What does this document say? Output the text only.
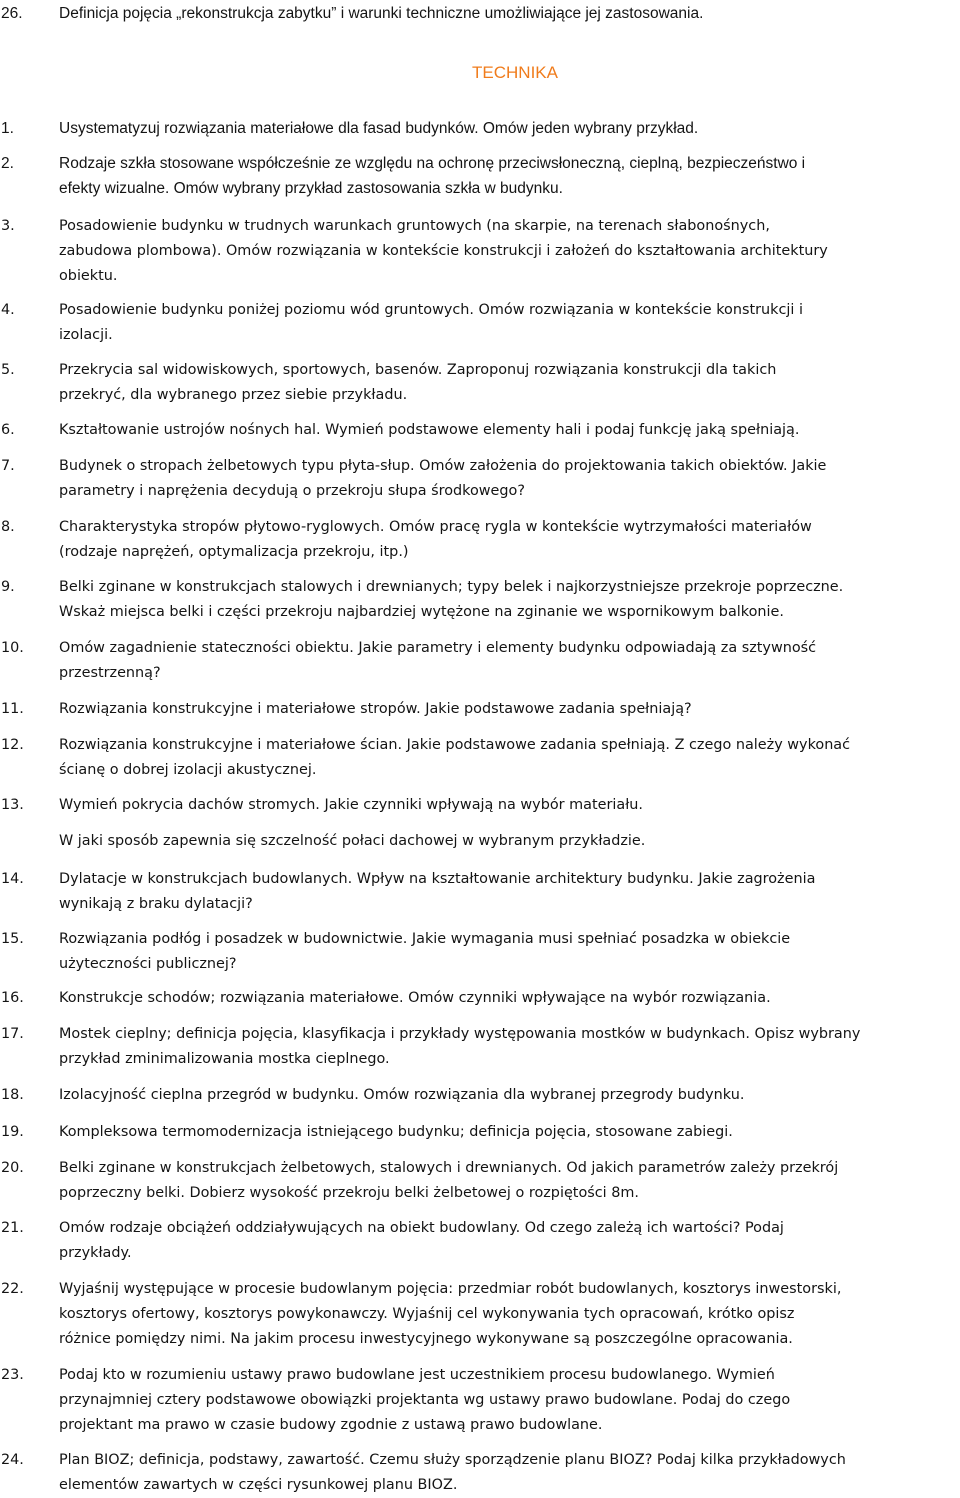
26. Definicja pojęcia „rekonstrukcja zabytku” i warunki techniczne umożliwiające jej zastosowania.
TECHNIKA
1.	Usystematyzuj rozwiązania materiałowe dla fasad budynków. Omów jeden wybrany przykład.
2.	Rodzaje szkła stosowane współcześnie ze względu na ochronę przeciwsłoneczną, cieplną, bezpieczeństwo i
efekty wizualne. Omów wybrany przykład zastosowania szkła w budynku.
3.	Posadowienie budynku w trudnych warunkach gruntowych (na skarpie, na terenach słabonośnych,
zabudowa plombowa). Omów rozwiązania w kontekście konstrukcji i założeń do kształtowania architektury
obiektu.
4.	Posadowienie budynku poniżej poziomu wód gruntowych. Omów rozwiązania w kontekście konstrukcji i
izolacji.
5.	Przekrycia sal widowiskowych, sportowych, basenów. Zaproponuj rozwiązania konstrukcji dla takich
przekryć, dla wybranego przez siebie przykładu.
6.	Kształtowanie ustrojów nośnych hal. Wymień podstawowe elementy hali i podaj funkcję jaką spełniają.
7.	Budynek o stropach żelbetowych typu płyta-słup. Omów założenia do projektowania takich obiektów. Jakie
parametry i naprężenia decydują o przekroju słupa środkowego?
8.	Charakterystyka stropów płytowo-ryglowych. Omów pracę rygla w kontekście wytrzymałości materiałów
(rodzaje naprężeń, optymalizacja przekroju, itp.)
9.	Belki zginane w konstrukcjach stalowych i drewnianych; typy belek i najkorzystniejsze przekroje poprzeczne.
Wskaż miejsca belki i części przekroju najbardziej wytężone na zginanie we wspornikowym balkonie.
10. Omów zagadnienie stateczności obiektu. Jakie parametry i elementy budynku odpowiadają za sztywność
przestrzenną?
11. Rozwiązania konstrukcyjne i materiałowe stropów. Jakie podstawowe zadania spełniają?
12. Rozwiązania konstrukcyjne i materiałowe ścian. Jakie podstawowe zadania spełniają. Z czego należy wykonać
ścianę o dobrej izolacji akustycznej.
13. Wymień pokrycia dachów stromych. Jakie czynniki wpływają na wybór materiału.
W jaki sposób zapewnia się szczelność połaci dachowej w wybranym przykładzie.
14. Dylatacje w konstrukcjach budowlanych. Wpływ na kształtowanie architektury budynku. Jakie zagrożenia
wynikają z braku dylatacji?
15. Rozwiązania podłóg i posadzek w budownictwie. Jakie wymagania musi spełniać posadzka w obiekcie
użyteczności publicznej?
16. Konstrukcje schodów; rozwiązania materiałowe. Omów czynniki wpływające na wybór rozwiązania.
17. Mostek cieplny; definicja pojęcia, klasyfikacja i przykłady występowania mostków w budynkach. Opisz wybrany
przykład zminimalizowania mostka cieplnego.
18. Izolacyjność cieplna przegród w budynku. Omów rozwiązania dla wybranej przegrody budynku.
19. Kompleksowa termomodernizacja istniejącego budynku; definicja pojęcia, stosowane zabiegi.
20. Belki zginane w konstrukcjach żelbetowych, stalowych i drewnianych. Od jakich parametrów zależy przekrój
poprzeczny belki. Dobierz wysokość przekroju belki żelbetowej o rozpiętości 8m.
21. Omów rodzaje obciążeń oddziaływujących na obiekt budowlany. Od czego zależą ich wartości? Podaj
przykłady.
22. Wyjaśnij występujące w procesie budowlanym pojęcia: przedmiar robót budowlanych, kosztorys inwestorski,
kosztorys ofertowy, kosztorys powykonawczy. Wyjaśnij cel wykonywania tych opracowań, krótko opisz
różnice pomiędzy nimi. Na jakim procesu inwestycyjnego wykonywane są poszczególne opracowania.
23. Podaj kto w rozumieniu ustawy prawo budowlane jest uczestnikiem procesu budowlanego. Wymień
przynajmniej cztery podstawowe obowiązki projektanta wg ustawy prawo budowlane. Podaj do czego
projektant ma prawo w czasie budowy zgodnie z ustawą prawo budowlane.
24. Plan BIOZ; definicja, podstawy, zawartość. Czemu służy sporządzenie planu BIOZ? Podaj kilka przykładowych
elementów zawartych w części rysunkowej planu BIOZ.
